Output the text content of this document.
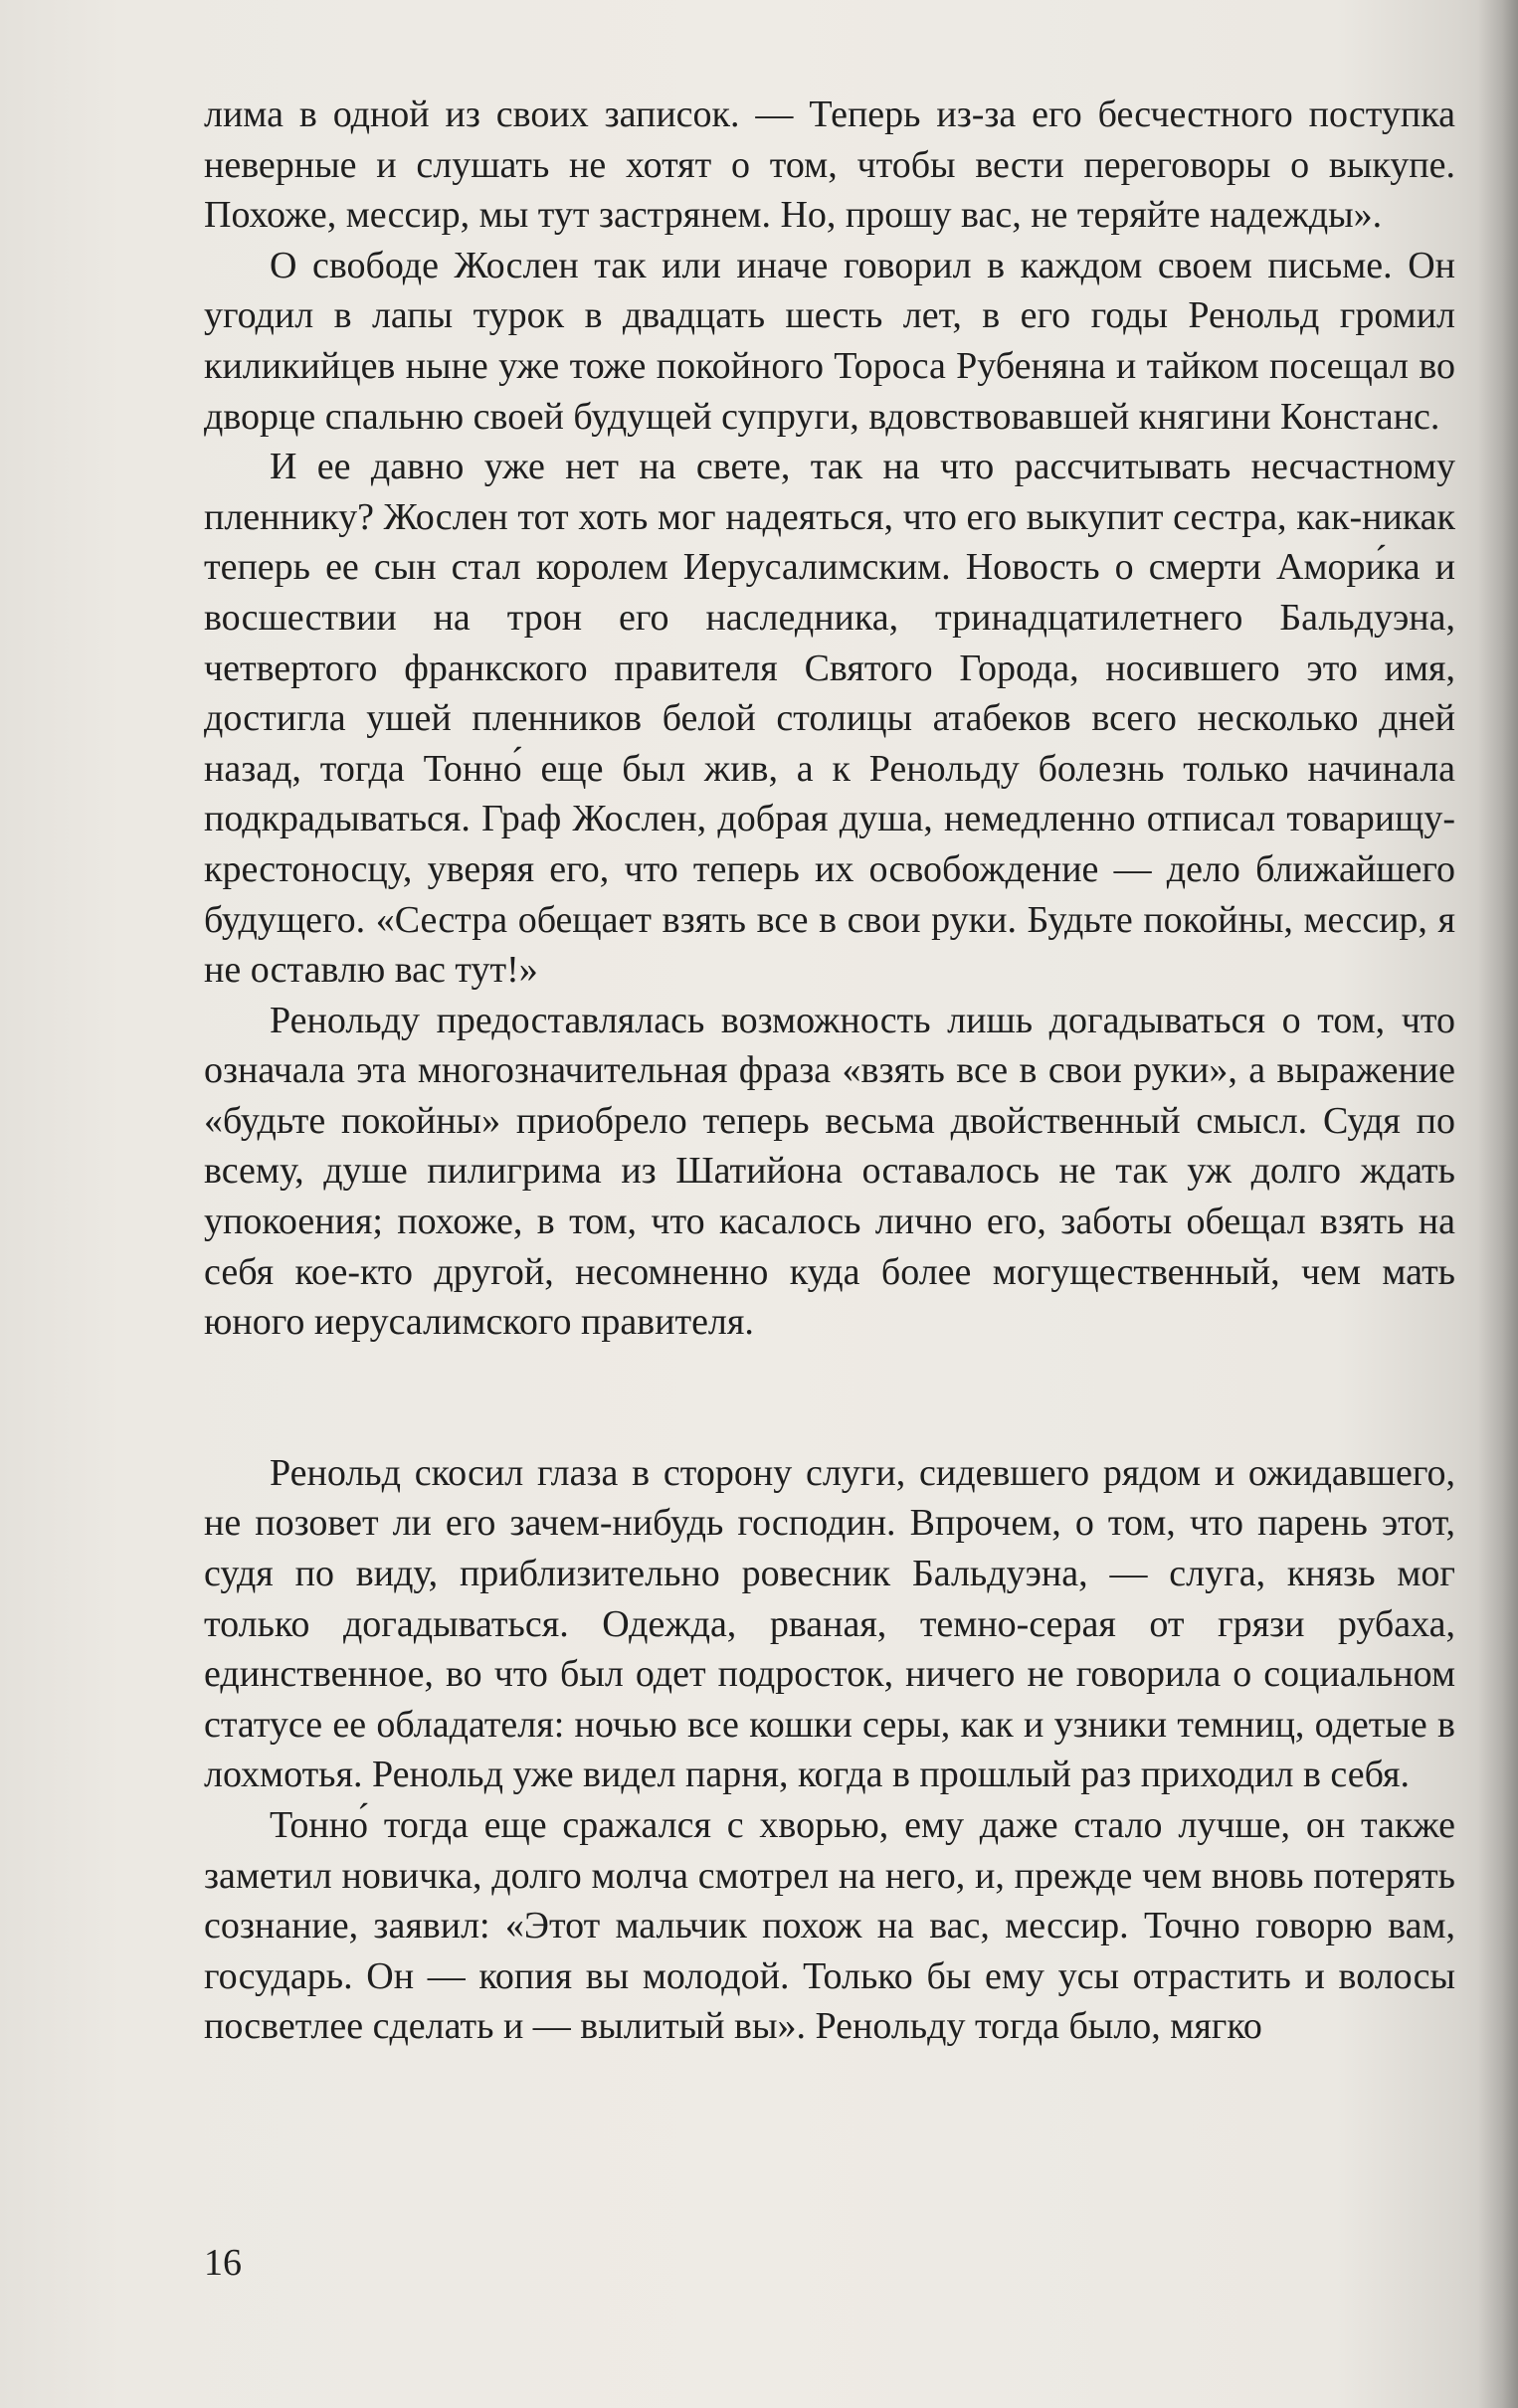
лима в одной из своих записок. — Теперь из-за его бесчестного поступка неверные и слушать не хотят о том, чтобы вести переговоры о выкупе. Похоже, мессир, мы тут застрянем. Но, прошу вас, не теряйте надежды».

О свободе Жослен так или иначе говорил в каждом своем письме. Он угодил в лапы турок в двадцать шесть лет, в его годы Ренольд громил киликийцев ныне уже тоже покойного Тороса Рубеняна и тайком посещал во дворце спальню своей будущей супруги, вдовствовавшей княгини Констанс.

И ее давно уже нет на свете, так на что рассчитывать несчастному пленнику? Жослен тот хоть мог надеяться, что его выкупит сестра, как-никак теперь ее сын стал королем Иерусалимским. Новость о смерти Амори́ка и восшествии на трон его наследника, тринадцатилетнего Бальдуэна, четвертого франкского правителя Святого Города, носившего это имя, достигла ушей пленников белой столицы атабеков всего несколько дней назад, тогда Тонно́ еще был жив, а к Ренольду болезнь только начинала подкрадываться. Граф Жослен, добрая душа, немедленно отписал товарищу-крестоносцу, уверяя его, что теперь их освобождение — дело ближайшего будущего. «Сестра обещает взять все в свои руки. Будьте покойны, мессир, я не оставлю вас тут!»

Ренольду предоставлялась возможность лишь догадываться о том, что означала эта многозначительная фраза «взять все в свои руки», а выражение «будьте покойны» приобрело теперь весьма двойственный смысл. Судя по всему, душе пилигрима из Шатийона оставалось не так уж долго ждать упокоения; похоже, в том, что касалось лично его, заботы обещал взять на себя кое-кто другой, несомненно куда более могущественный, чем мать юного иерусалимского правителя.

Ренольд скосил глаза в сторону слуги, сидевшего рядом и ожидавшего, не позовет ли его зачем-нибудь господин. Впрочем, о том, что парень этот, судя по виду, приблизительно ровесник Бальдуэна, — слуга, князь мог только догадываться. Одежда, рваная, темно-серая от грязи рубаха, единственное, во что был одет подросток, ничего не говорила о социальном статусе ее обладателя: ночью все кошки серы, как и узники темниц, одетые в лохмотья. Ренольд уже видел парня, когда в прошлый раз приходил в себя.

Тонно́ тогда еще сражался с хворью, ему даже стало лучше, он также заметил новичка, долго молча смотрел на него, и, прежде чем вновь потерять сознание, заявил: «Этот мальчик похож на вас, мессир. Точно говорю вам, государь. Он — копия вы молодой. Только бы ему усы отрастить и волосы посветлее сделать и — вылитый вы». Ренольду тогда было, мягко

16
